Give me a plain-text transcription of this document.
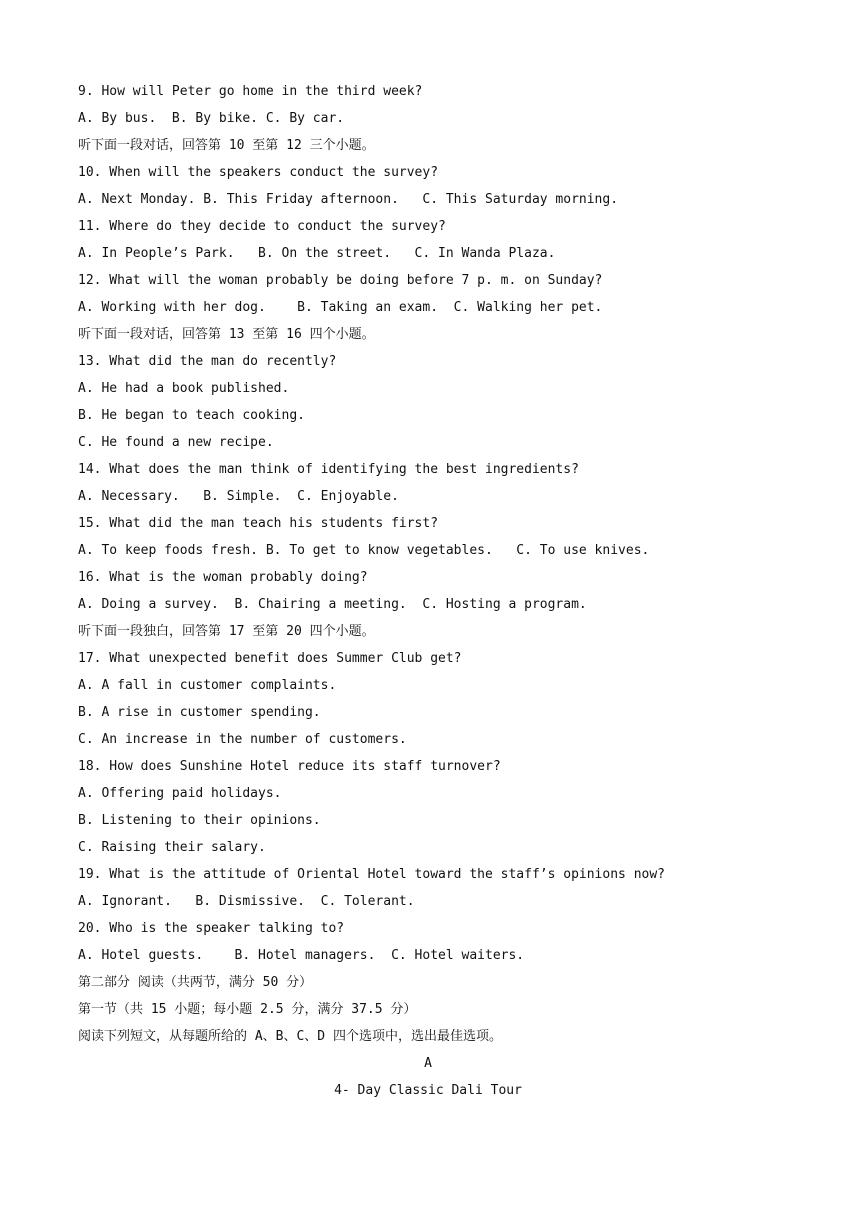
9. How will Peter go home in the third week?
A. By bus.  B. By bike. C. By car.
听下面一段对话，回答第 10 至第 12 三个小题。
10. When will the speakers conduct the survey?
A. Next Monday. B. This Friday afternoon.   C. This Saturday morning.
11. Where do they decide to conduct the survey?
A. In People’s Park.   B. On the street.   C. In Wanda Plaza.
12. What will the woman probably be doing before 7 p. m. on Sunday?
A. Working with her dog.    B. Taking an exam.  C. Walking her pet.
听下面一段对话，回答第 13 至第 16 四个小题。
13. What did the man do recently?
A. He had a book published.
B. He began to teach cooking.
C. He found a new recipe.
14. What does the man think of identifying the best ingredients?
A. Necessary.   B. Simple.  C. Enjoyable.
15. What did the man teach his students first?
A. To keep foods fresh. B. To get to know vegetables.   C. To use knives.
16. What is the woman probably doing?
A. Doing a survey.  B. Chairing a meeting.  C. Hosting a program.
听下面一段独白，回答第 17 至第 20 四个小题。
17. What unexpected benefit does Summer Club get?
A. A fall in customer complaints.
B. A rise in customer spending.
C. An increase in the number of customers.
18. How does Sunshine Hotel reduce its staff turnover?
A. Offering paid holidays.
B. Listening to their opinions.
C. Raising their salary.
19. What is the attitude of Oriental Hotel toward the staff’s opinions now?
A. Ignorant.   B. Dismissive.  C. Tolerant.
20. Who is the speaker talking to?
A. Hotel guests.    B. Hotel managers.  C. Hotel waiters.
第二部分 阅读（共两节，满分 50 分）
第一节（共 15 小题；每小题 2.5 分，满分 37.5 分）
阅读下列短文，从每题所给的 A、B、C、D 四个选项中，选出最佳选项。
A
4- Day Classic Dali Tour
